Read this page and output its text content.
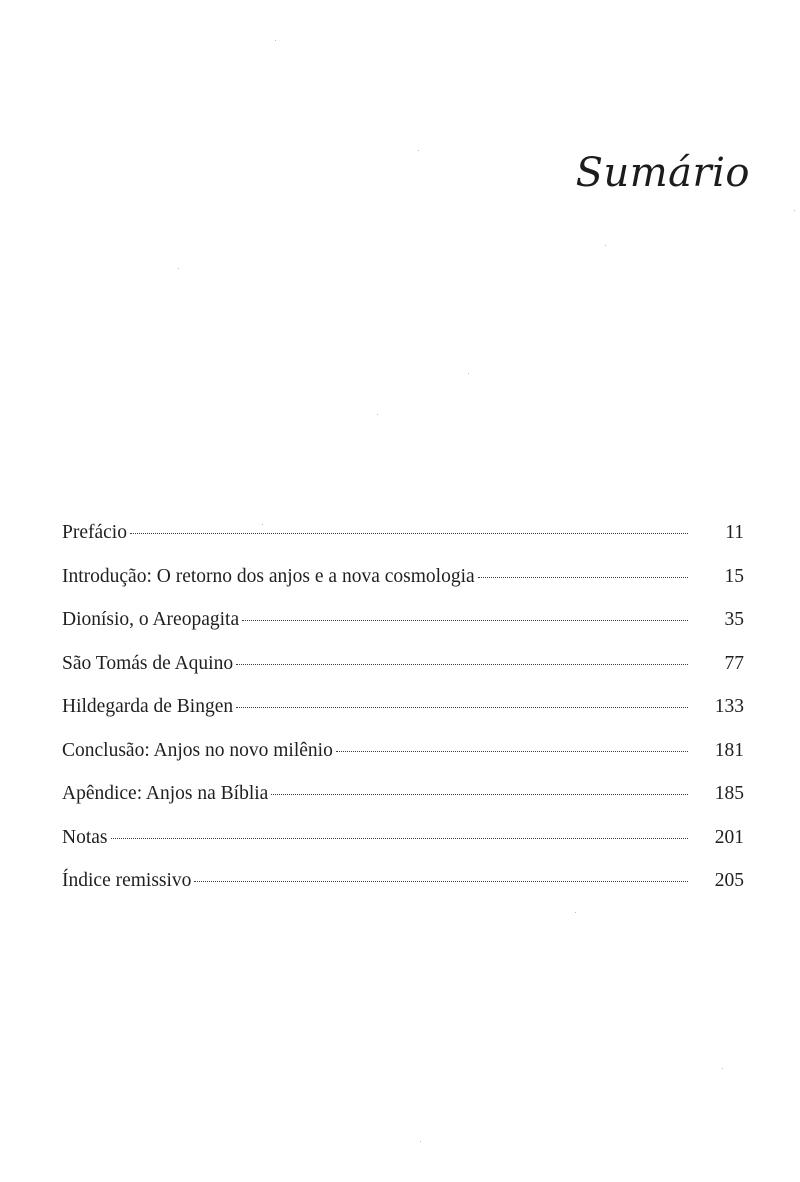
Sumário
Prefácio	11
Introdução: O retorno dos anjos e a nova cosmologia	15
Dionísio, o Areopagita	35
São Tomás de Aquino	77
Hildegarda de Bingen	133
Conclusão: Anjos no novo milênio	181
Apêndice: Anjos na Bíblia	185
Notas	201
Índice remissivo	205
